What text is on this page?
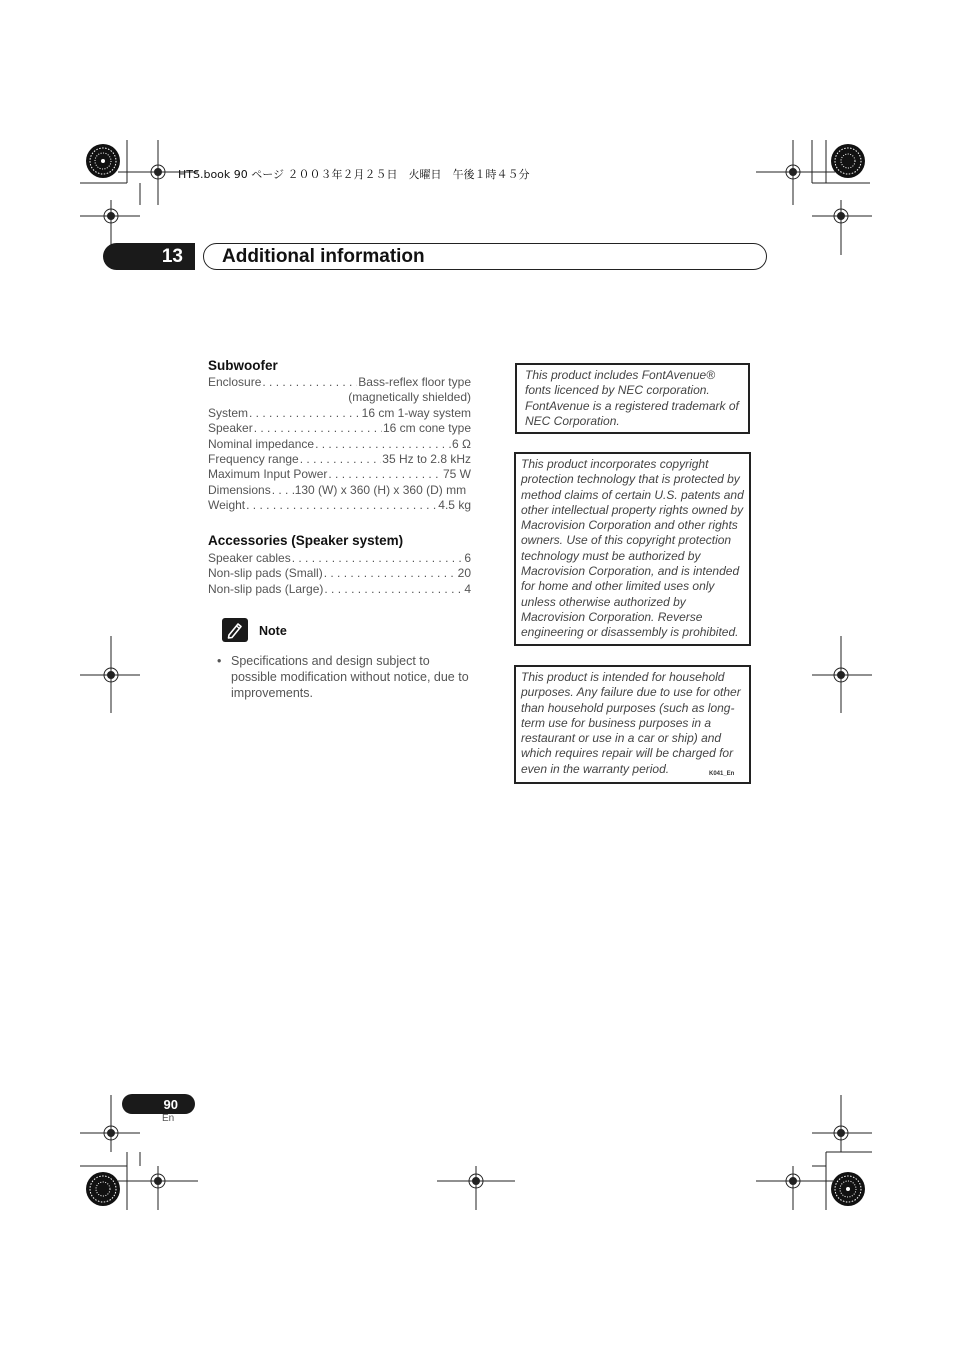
HTS.book 90 ページ ２００３年２月２５日　火曜日　午後１時４５分
13	Additional information
Subwoofer
Enclosure . . .	Bass-reflex floor type
(magnetically shielded)
System . . .	16 cm 1-way system
Speaker . . .	16 cm cone type
Nominal impedance . . .	6 Ω
Frequency range . . .	35 Hz to 2.8 kHz
Maximum Input Power . . .	75 W
Dimensions . . . 130 (W) x 360 (H) x 360 (D) mm
Weight . . .	4.5 kg
Accessories (Speaker system)
Speaker cables . . .	6
Non-slip pads (Small) . . .	20
Non-slip pads (Large) . . .	4
Note
• Specifications and design subject to possible modification without notice, due to improvements.
This product includes FontAvenue® fonts licenced by NEC corporation. FontAvenue is a registered trademark of NEC Corporation.
This product incorporates copyright protection technology that is protected by method claims of certain U.S. patents and other intellectual property rights owned by Macrovision Corporation and other rights owners. Use of this copyright protection technology must be authorized by Macrovision Corporation, and is intended for home and other limited uses only unless otherwise authorized by Macrovision Corporation. Reverse engineering or disassembly is prohibited.
This product is intended for household purposes. Any failure due to use for other than household purposes (such as long-term use for business purposes in a restaurant or use in a car or ship) and which requires repair will be charged for even in the warranty period.	K041_En
90
En
